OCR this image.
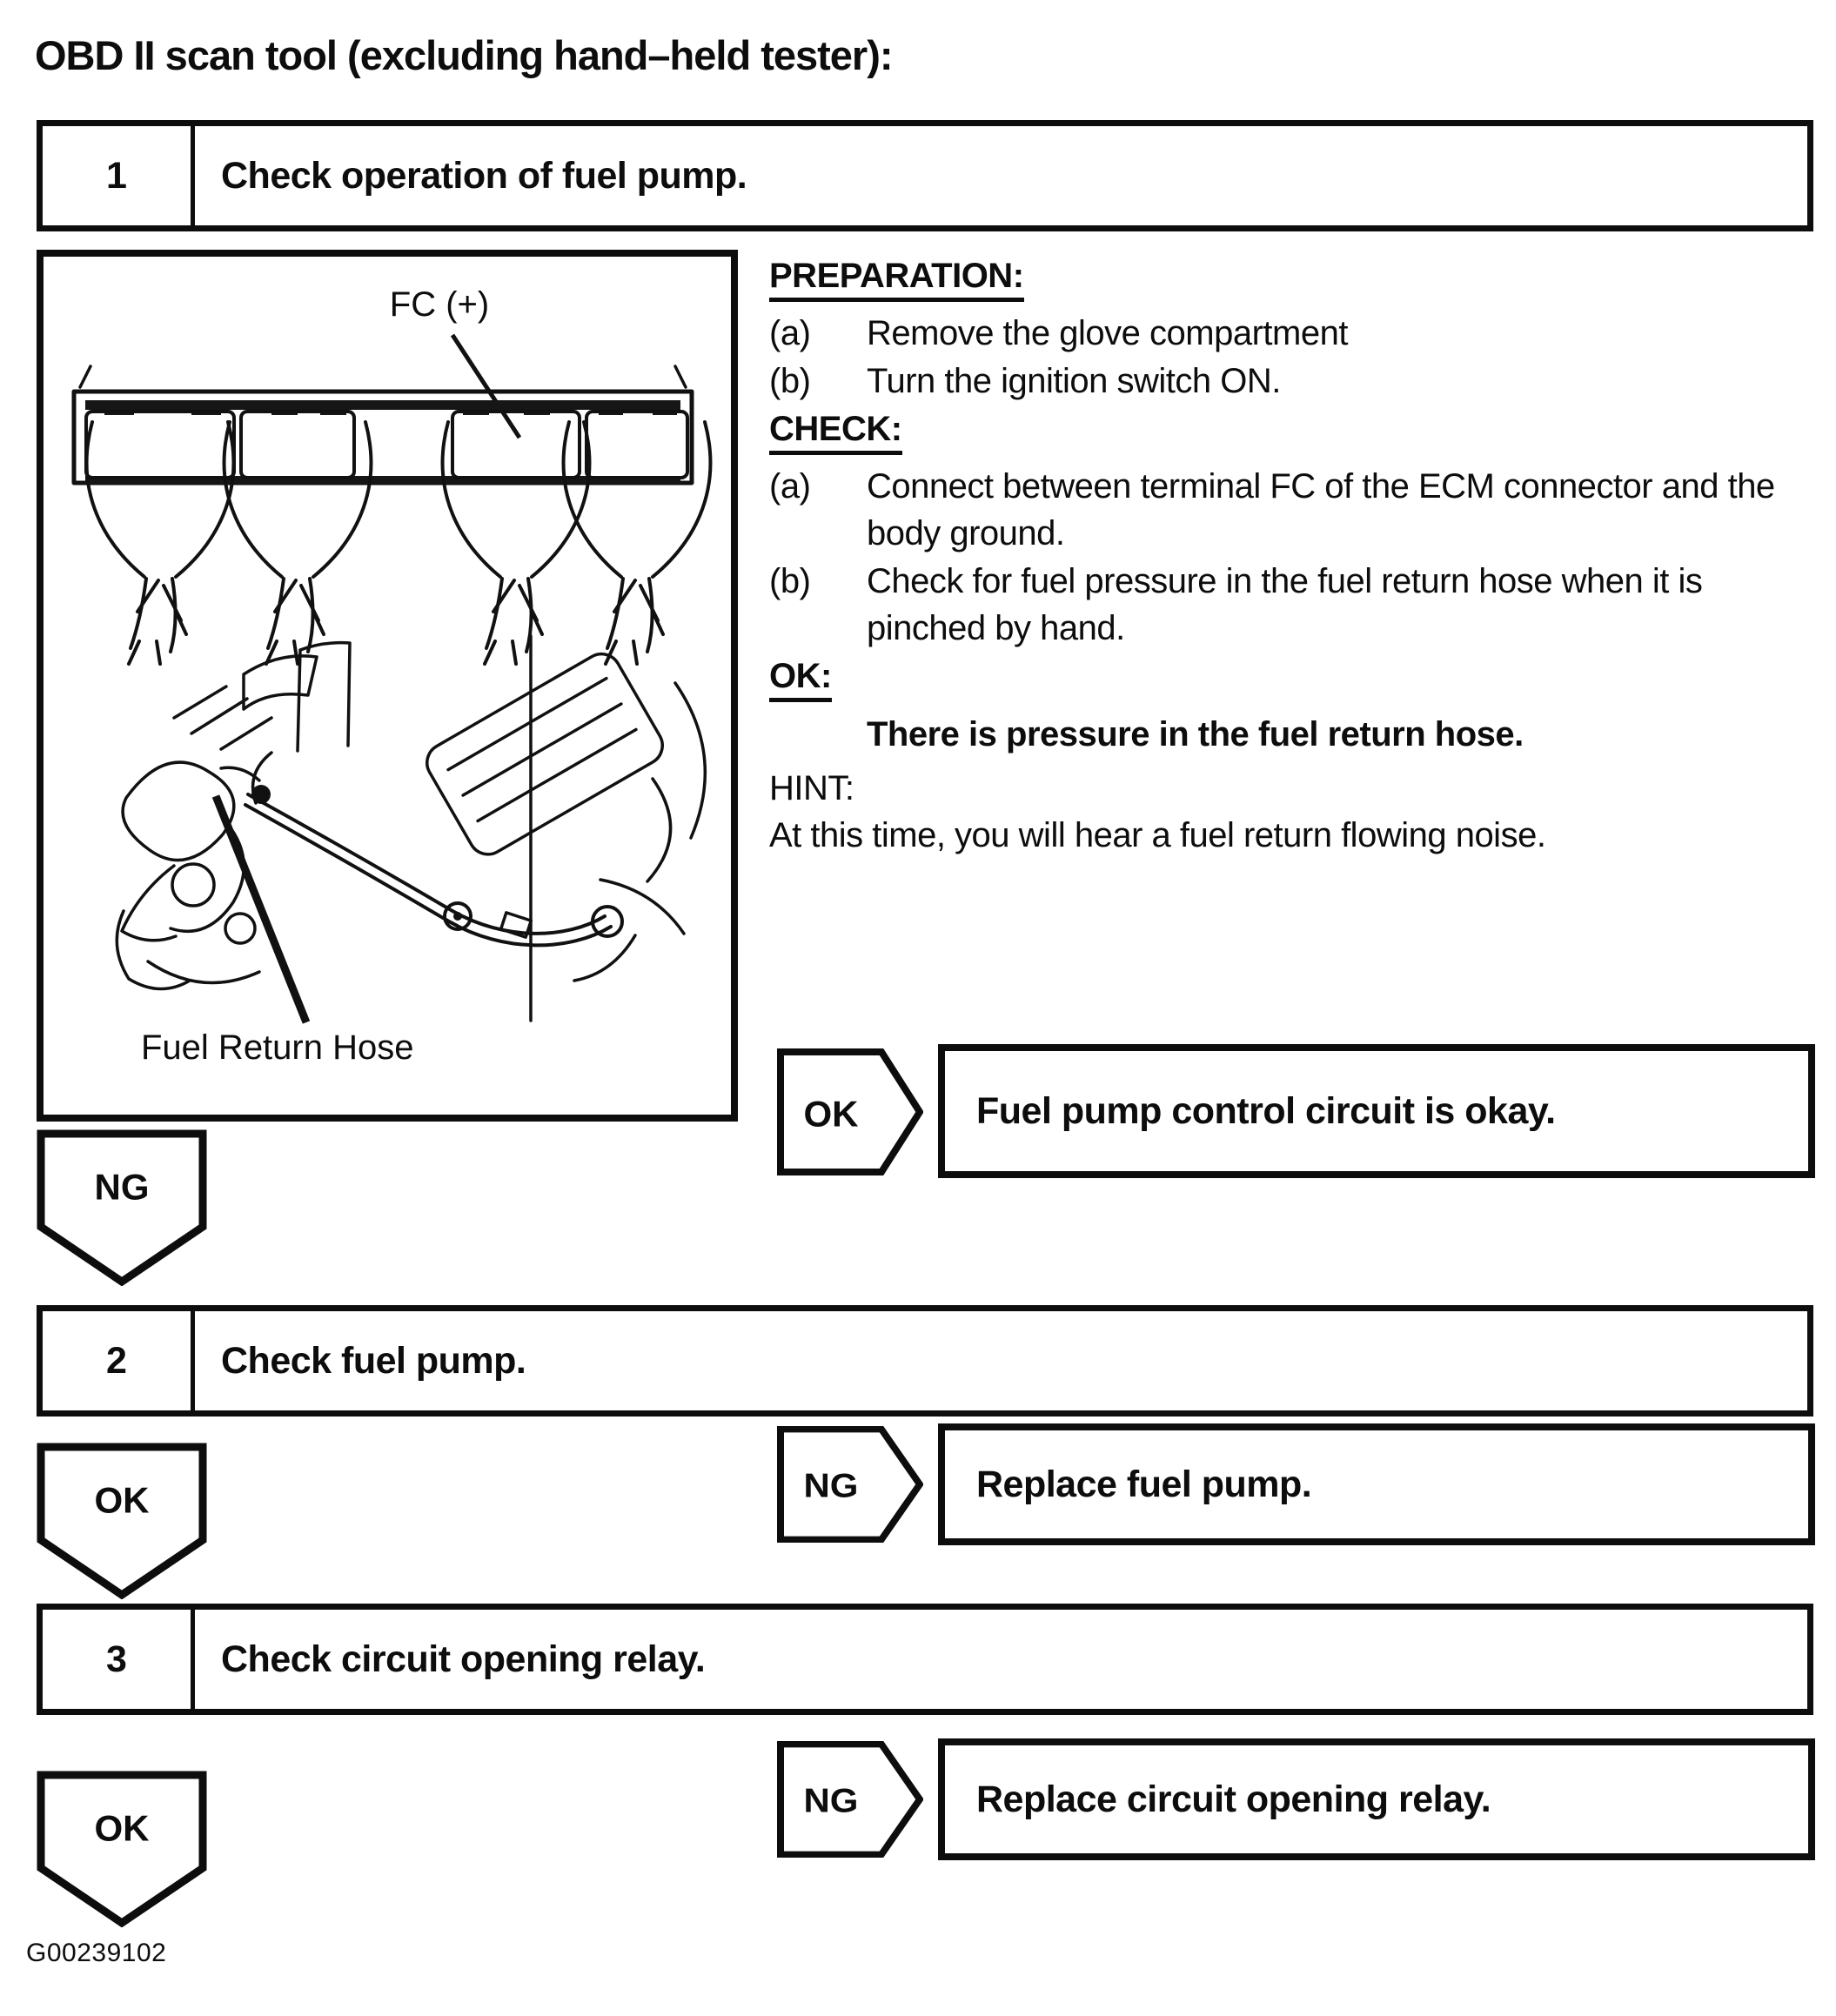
OBD II scan tool (excluding hand–held tester):
1	Check operation of fuel pump.
FC (+)
Fuel Return Hose
PREPARATION:
(a)	Remove the glove compartment
(b)	Turn the ignition switch ON.
CHECK:
(a)	Connect between terminal FC of the ECM connector and the body ground.
(b)	Check for fuel pressure in the fuel return hose when it is pinched by hand.
OK:
There is pressure in the fuel return hose.
HINT:
At this time, you will hear a fuel return flowing noise.
OK	Fuel pump control circuit is okay.
NG
2	Check fuel pump.
NG	Replace fuel pump.
OK
3	Check circuit opening relay.
NG	Replace circuit opening relay.
OK
G00239102
